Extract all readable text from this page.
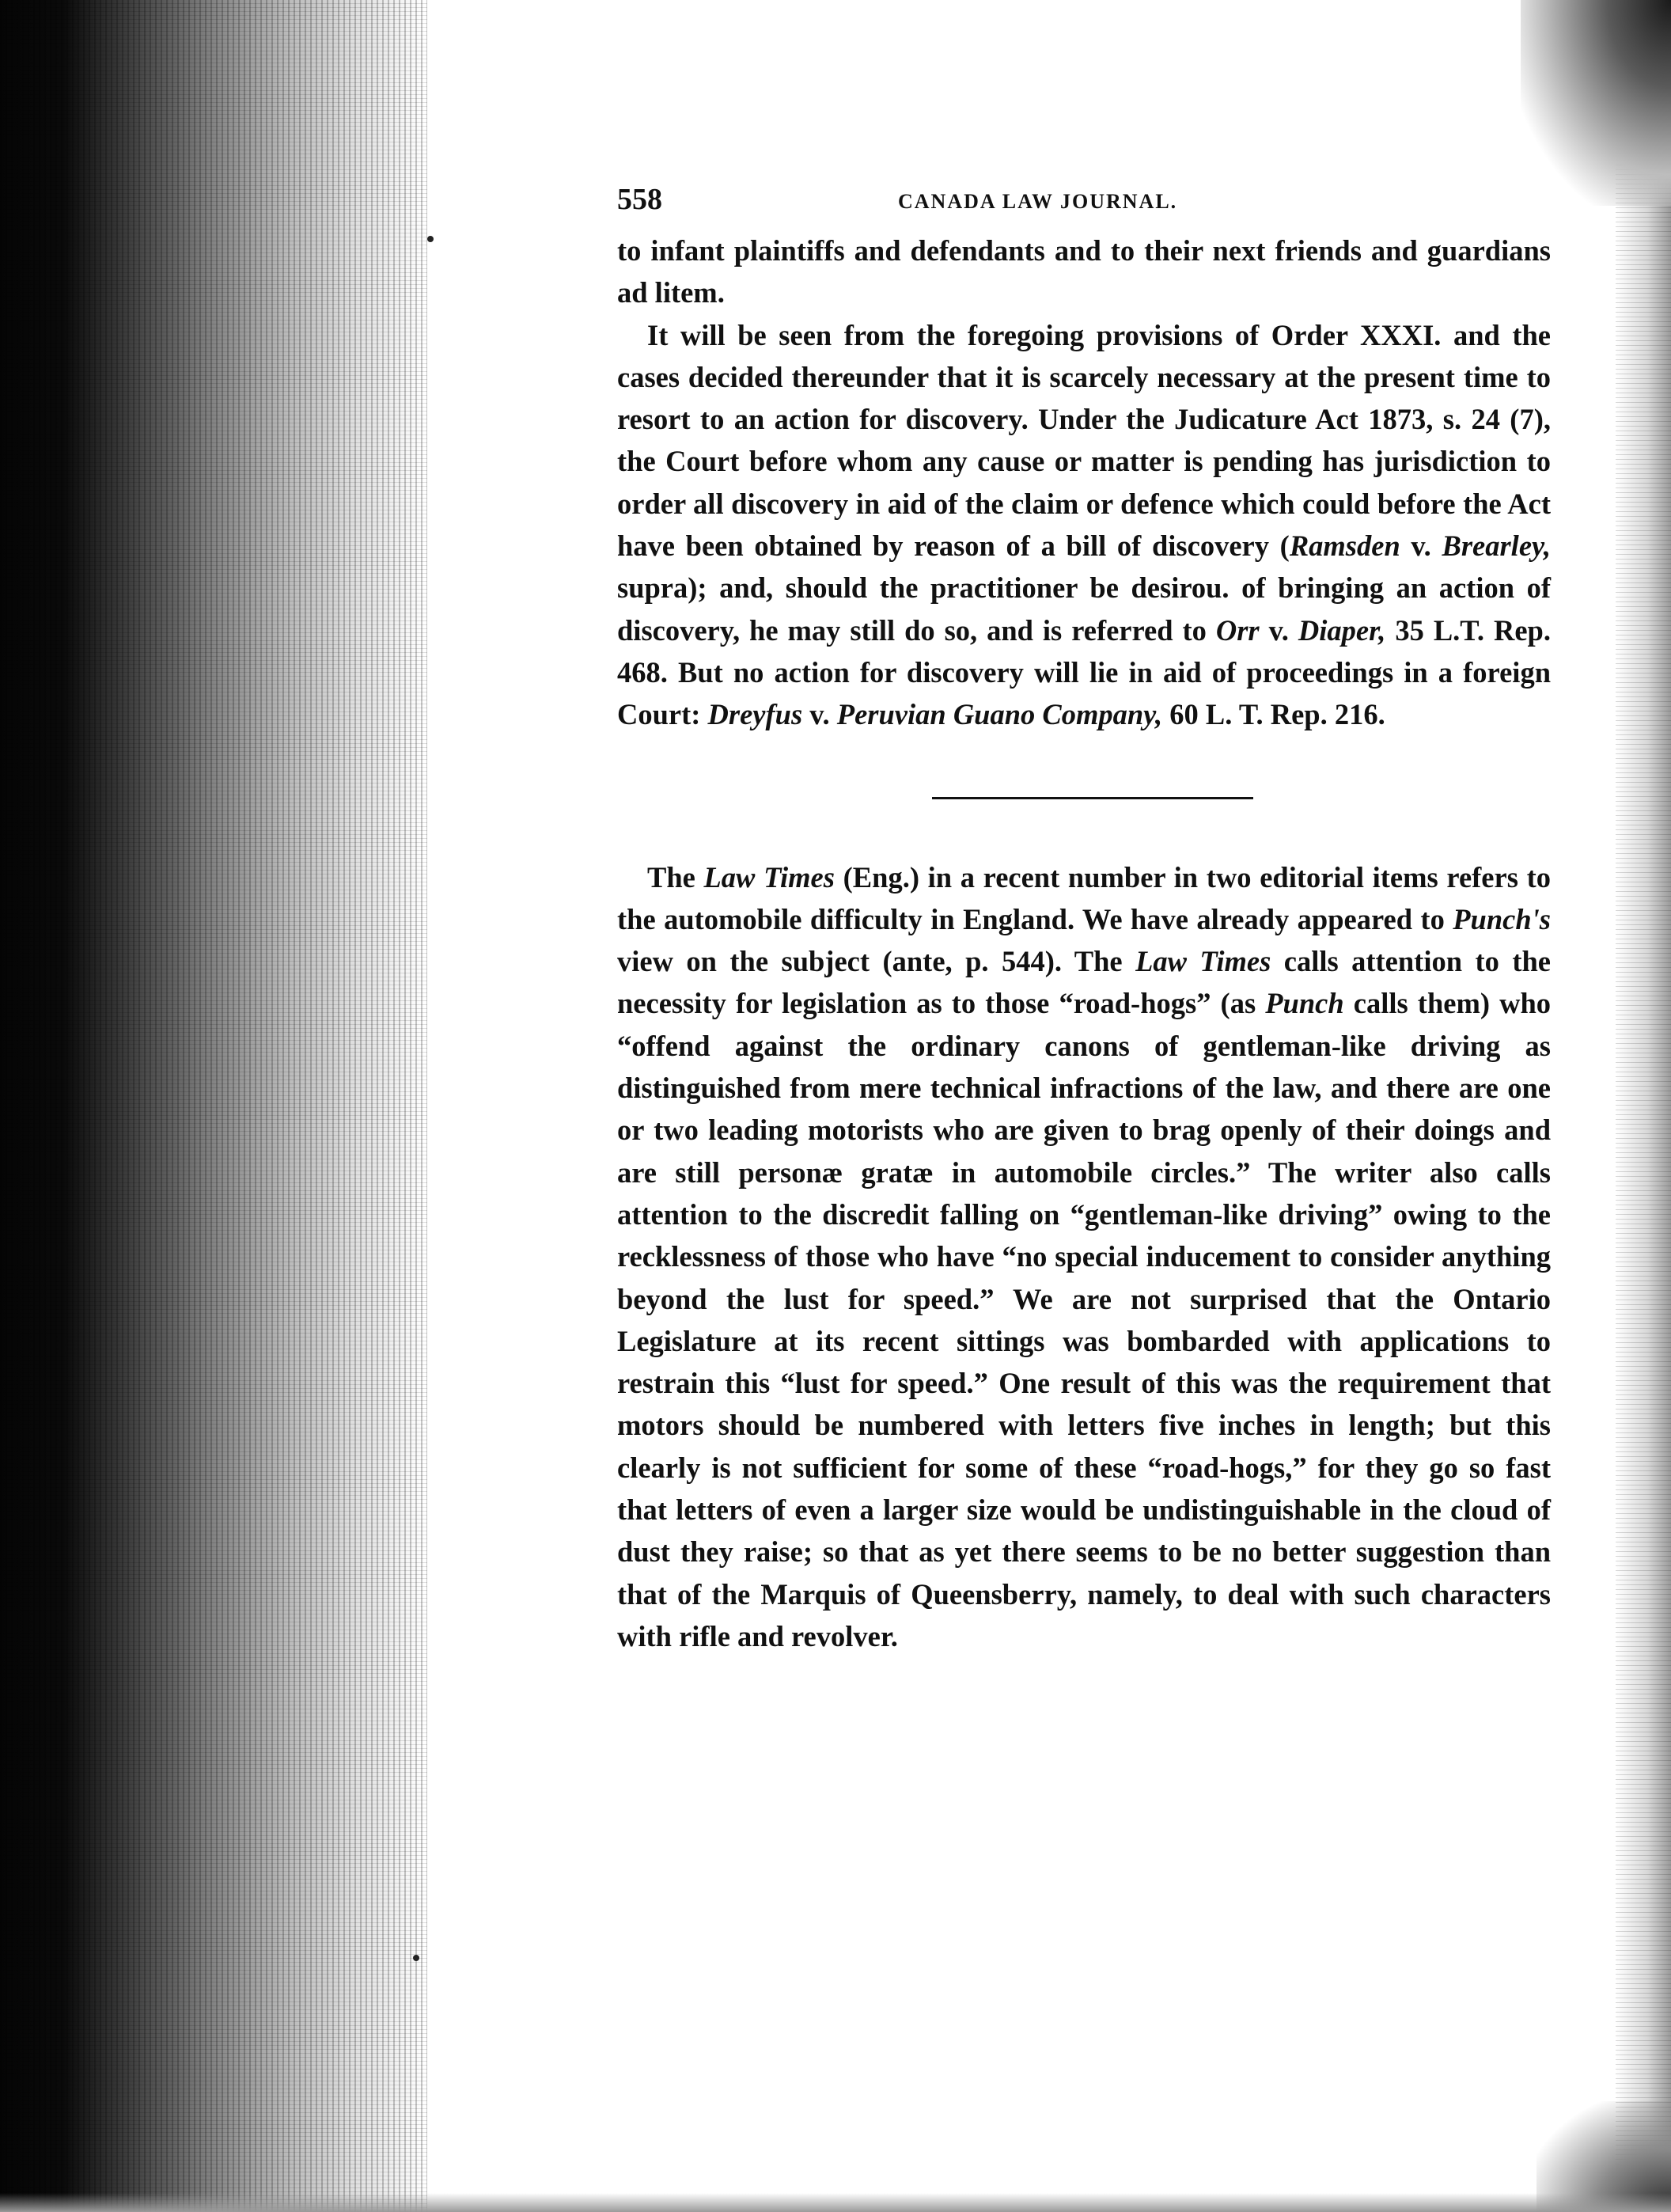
558	CANADA LAW JOURNAL.

to infant plaintiffs and defendants and to their next friends and guardians ad litem.

It will be seen from the foregoing provisions of Order XXXI. and the cases decided thereunder that it is scarcely necessary at the present time to resort to an action for discovery. Under the Judicature Act 1873, s. 24 (7), the Court before whom any cause or matter is pending has jurisdiction to order all discovery in aid of the claim or defence which could before the Act have been obtained by reason of a bill of discovery (Ramsden v. Brearley, supra); and, should the practitioner be desirou. of bringing an action of discovery, he may still do so, and is referred to Orr v. Diaper, 35 L.T. Rep. 468. But no action for discovery will lie in aid of proceedings in a foreign Court: Dreyfus v. Peruvian Guano Company, 60 L. T. Rep. 216.

The Law Times (Eng.) in a recent number in two editorial items refers to the automobile difficulty in England. We have already appeared to Punch's view on the subject (ante, p. 544). The Law Times calls attention to the necessity for legislation as to those “road-hogs” (as Punch calls them) who “offend against the ordinary canons of gentleman-like driving as distinguished from mere technical infractions of the law, and there are one or two leading motorists who are given to brag openly of their doings and are still personæ gratæ in automobile circles.” The writer also calls attention to the discredit falling on “gentleman-like driving” owing to the recklessness of those who have “no special inducement to consider anything beyond the lust for speed.” We are not surprised that the Ontario Legislature at its recent sittings was bombarded with applications to restrain this “lust for speed.” One result of this was the requirement that motors should be numbered with letters five inches in length; but this clearly is not sufficient for some of these “road-hogs,” for they go so fast that letters of even a larger size would be undistinguishable in the cloud of dust they raise; so that as yet there seems to be no better suggestion than that of the Marquis of Queensberry, namely, to deal with such characters with rifle and revolver.
